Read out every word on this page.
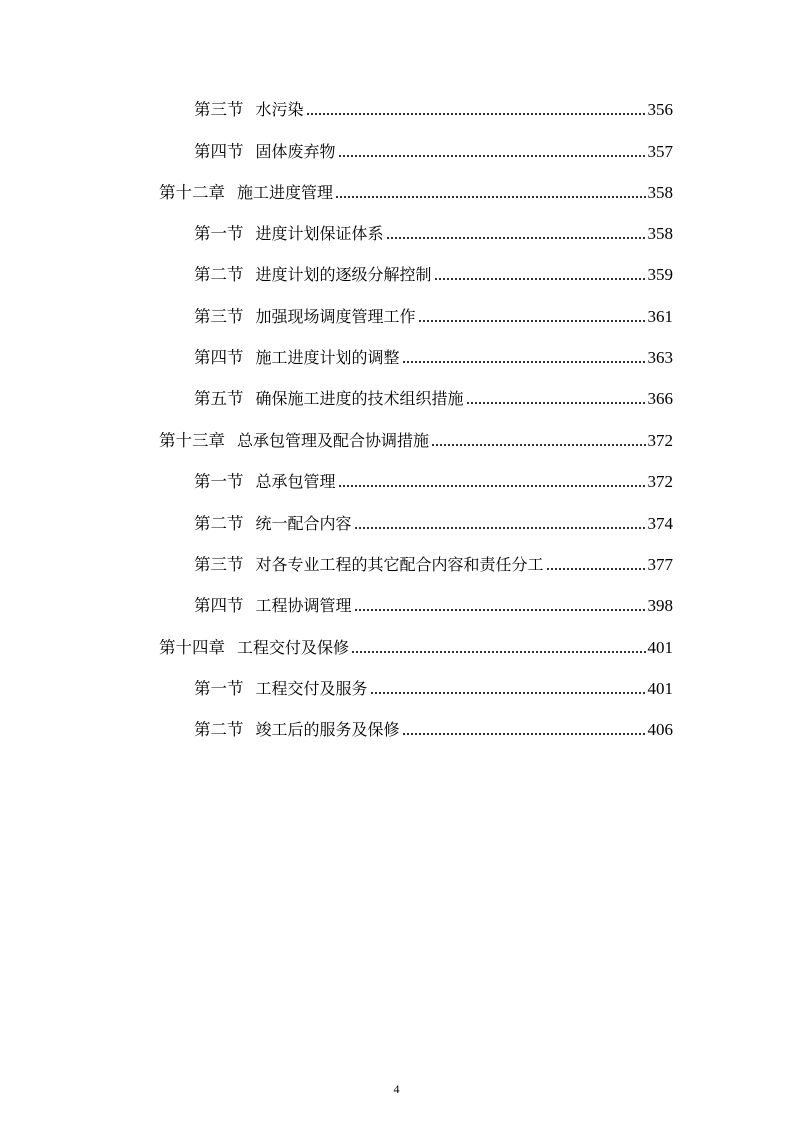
第三节 水污染	356
第四节 固体废弃物	357
第十二章 施工进度管理	358
第一节 进度计划保证体系	358
第二节 进度计划的逐级分解控制	359
第三节 加强现场调度管理工作	361
第四节 施工进度计划的调整	363
第五节 确保施工进度的技术组织措施	366
第十三章 总承包管理及配合协调措施	372
第一节 总承包管理	372
第二节 统一配合内容	374
第三节 对各专业工程的其它配合内容和责任分工	377
第四节 工程协调管理	398
第十四章 工程交付及保修	401
第一节 工程交付及服务	401
第二节 竣工后的服务及保修	406
4
